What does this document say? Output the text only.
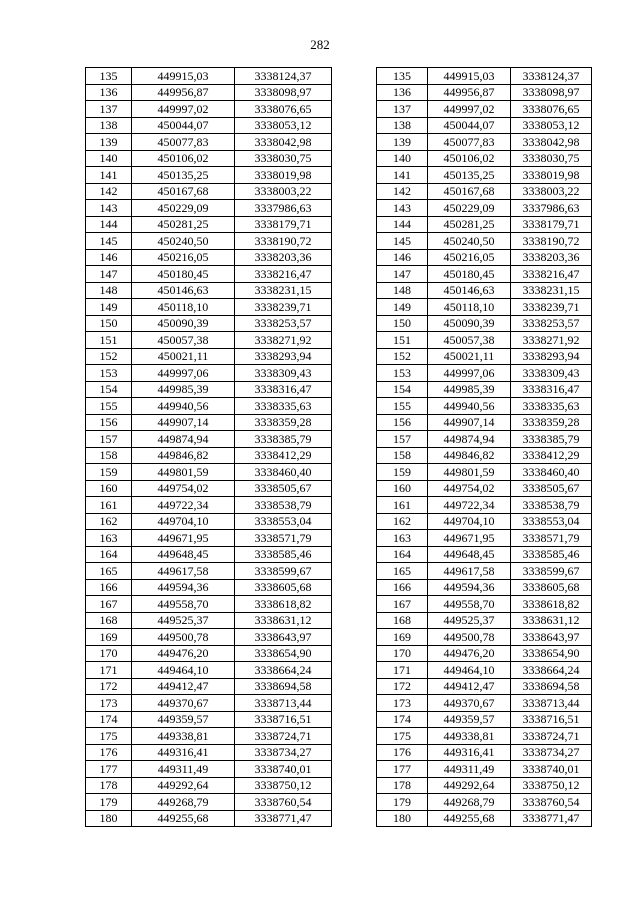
282
135	449915,03	3338124,37
136	449956,87	3338098,97
137	449997,02	3338076,65
138	450044,07	3338053,12
139	450077,83	3338042,98
140	450106,02	3338030,75
141	450135,25	3338019,98
142	450167,68	3338003,22
143	450229,09	3337986,63
144	450281,25	3338179,71
145	450240,50	3338190,72
146	450216,05	3338203,36
147	450180,45	3338216,47
148	450146,63	3338231,15
149	450118,10	3338239,71
150	450090,39	3338253,57
151	450057,38	3338271,92
152	450021,11	3338293,94
153	449997,06	3338309,43
154	449985,39	3338316,47
155	449940,56	3338335,63
156	449907,14	3338359,28
157	449874,94	3338385,79
158	449846,82	3338412,29
159	449801,59	3338460,40
160	449754,02	3338505,67
161	449722,34	3338538,79
162	449704,10	3338553,04
163	449671,95	3338571,79
164	449648,45	3338585,46
165	449617,58	3338599,67
166	449594,36	3338605,68
167	449558,70	3338618,82
168	449525,37	3338631,12
169	449500,78	3338643,97
170	449476,20	3338654,90
171	449464,10	3338664,24
172	449412,47	3338694,58
173	449370,67	3338713,44
174	449359,57	3338716,51
175	449338,81	3338724,71
176	449316,41	3338734,27
177	449311,49	3338740,01
178	449292,64	3338750,12
179	449268,79	3338760,54
180	449255,68	3338771,47
135	449915,03	3338124,37
136	449956,87	3338098,97
137	449997,02	3338076,65
138	450044,07	3338053,12
139	450077,83	3338042,98
140	450106,02	3338030,75
141	450135,25	3338019,98
142	450167,68	3338003,22
143	450229,09	3337986,63
144	450281,25	3338179,71
145	450240,50	3338190,72
146	450216,05	3338203,36
147	450180,45	3338216,47
148	450146,63	3338231,15
149	450118,10	3338239,71
150	450090,39	3338253,57
151	450057,38	3338271,92
152	450021,11	3338293,94
153	449997,06	3338309,43
154	449985,39	3338316,47
155	449940,56	3338335,63
156	449907,14	3338359,28
157	449874,94	3338385,79
158	449846,82	3338412,29
159	449801,59	3338460,40
160	449754,02	3338505,67
161	449722,34	3338538,79
162	449704,10	3338553,04
163	449671,95	3338571,79
164	449648,45	3338585,46
165	449617,58	3338599,67
166	449594,36	3338605,68
167	449558,70	3338618,82
168	449525,37	3338631,12
169	449500,78	3338643,97
170	449476,20	3338654,90
171	449464,10	3338664,24
172	449412,47	3338694,58
173	449370,67	3338713,44
174	449359,57	3338716,51
175	449338,81	3338724,71
176	449316,41	3338734,27
177	449311,49	3338740,01
178	449292,64	3338750,12
179	449268,79	3338760,54
180	449255,68	3338771,47
